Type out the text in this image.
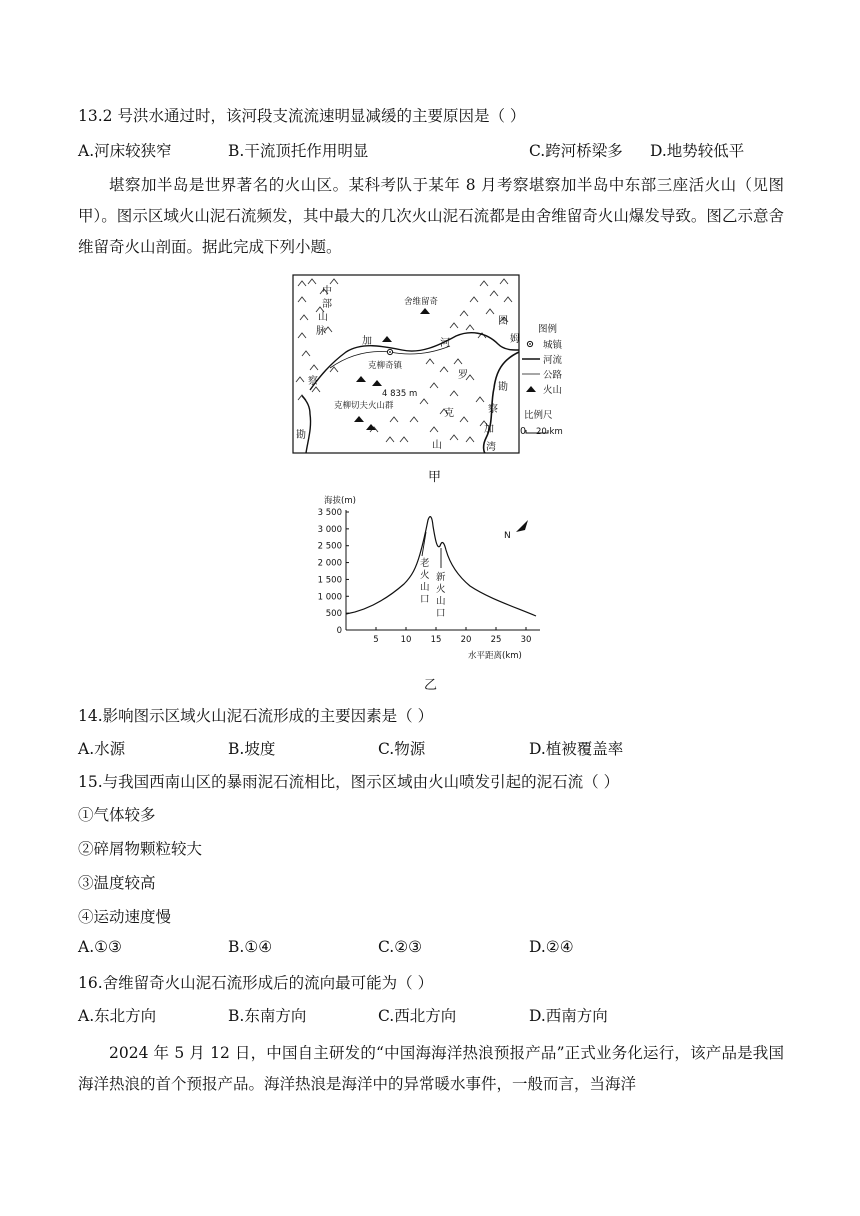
13.2 号洪水通过时，该河段支流流速明显减缓的主要原因是（ ）
A.河床较狭窄	B.干流顶托作用明显	C.跨河桥梁多 D.地势较低平
堪察加半岛是世界著名的火山区。某科考队于某年 8 月考察堪察加半岛中东部三座活火山（见图甲）。图示区域火山泥石流频发，其中最大的几次火山泥石流都是由舍维留奇火山爆发导致。图乙示意舍维留奇火山剖面。据此完成下列小题。
中
部
山
脉
舍维留奇
加	河
察
克柳奇镇
4 835 m
克柳切夫火山群
罗
克
山
图
姆
勘
察
加
湾
勘
图例
城镇
河流
公路
火山
比例尺
0 20 km
甲
海拔(m)
3 500
3 000
2 500
2 000
1 500
1 000
500
0
5	10 15 20 25 30
老
火
山
口
新
火
山
口
N
水平距离(km)
乙
14.影响图示区域火山泥石流形成的主要因素是（ ）
A.水源	B.坡度	C.物源	D.植被覆盖率
15.与我国西南山区的暴雨泥石流相比，图示区域由火山喷发引起的泥石流（ ）
①气体较多
②碎屑物颗粒较大
③温度较高
④运动速度慢
A.①③	B.①④	C.②③	D.②④
16.舍维留奇火山泥石流形成后的流向最可能为（ ）
A.东北方向	B.东南方向	C.西北方向	D.西南方向
2024 年 5 月 12 日，中国自主研发的“中国海海洋热浪预报产品”正式业务化运行，该产品是我国海洋热浪的首个预报产品。海洋热浪是海洋中的异常暖水事件，一般而言，当海洋
